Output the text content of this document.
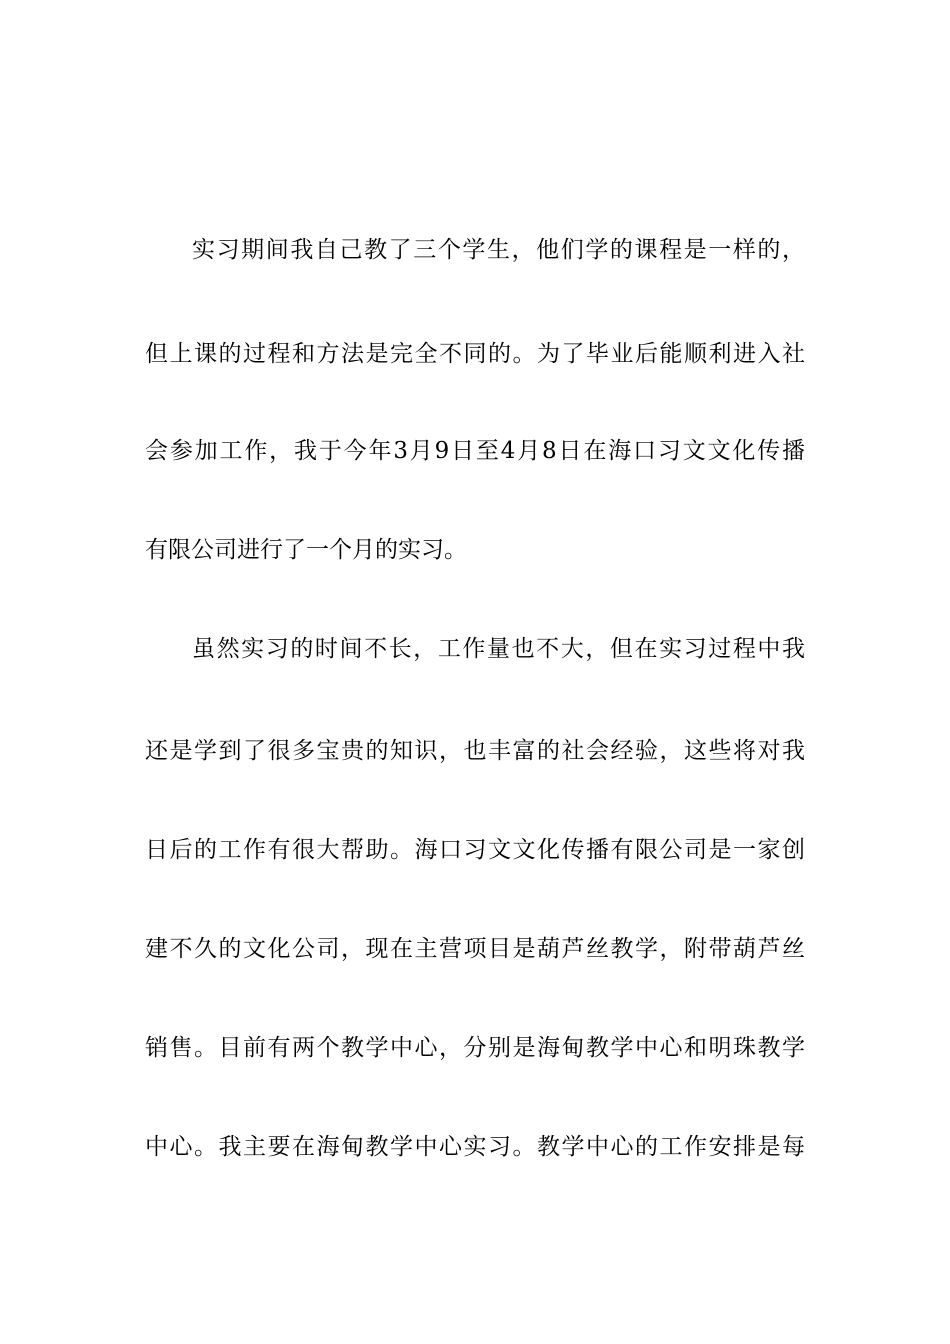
实习期间我自己教了三个学生，他们学的课程是一样的，
但上课的过程和方法是完全不同的。为了毕业后能顺利进入社
会参加工作，我于今年3月9日至4月8日在海口习文文化传播
有限公司进行了一个月的实习。
虽然实习的时间不长，工作量也不大，但在实习过程中我
还是学到了很多宝贵的知识，也丰富的社会经验，这些将对我
日后的工作有很大帮助。海口习文文化传播有限公司是一家创
建不久的文化公司，现在主营项目是葫芦丝教学，附带葫芦丝
销售。目前有两个教学中心，分别是海甸教学中心和明珠教学
中心。我主要在海甸教学中心实习。教学中心的工作安排是每
